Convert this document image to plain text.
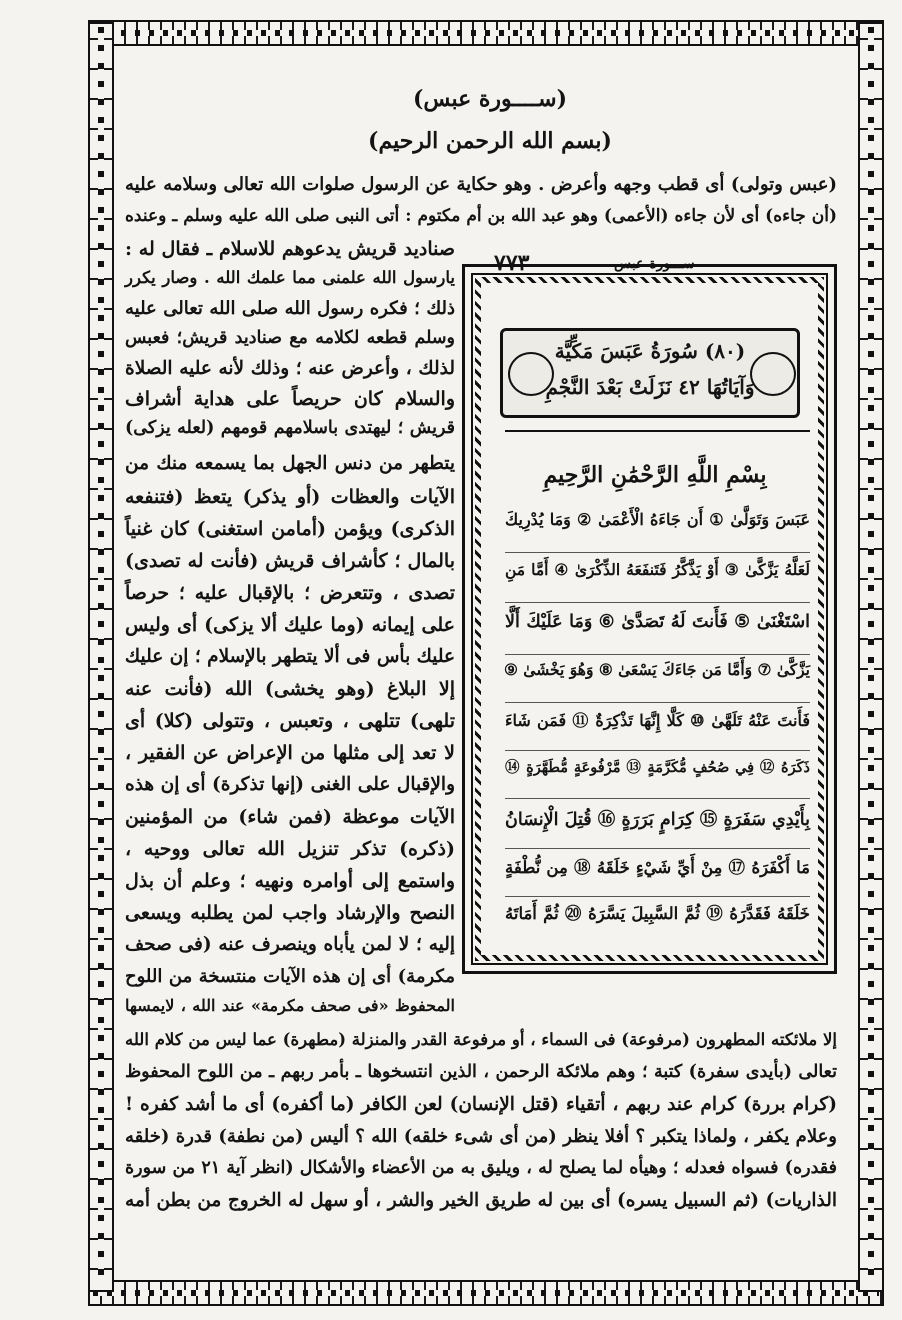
(ســــورة عبس)
(بسم الله الرحمن الرحيم)
(عبس وتولى) أى قطب وجهه وأعرض . وهو حكاية عن الرسول صلوات الله تعالى وسلامه عليه
(أن جاءه) أى لأن جاءه (الأعمى) وهو عبد الله بن أم مكتوم : أتى النبى صلى الله عليه وسلم ـ وعنده
صناديد قريش يدعوهم للاسلام ـ فقال له :
يارسول الله علمنى مما علمك الله . وصار يكرر
ذلك ؛ فكره رسول الله صلى الله تعالى عليه
وسلم قطعه لكلامه مع صناديد قريش؛ فعبس
لذلك ، وأعرض عنه ؛ وذلك لأنه عليه الصلاة
والسلام كان حريصاً على هداية أشراف
قريش ؛ ليهتدى باسلامهم قومهم (لعله يزكى)
يتطهر من دنس الجهل بما يسمعه منك من
الآيات والعظات (أو يذكر) يتعظ (فتنفعه
الذكرى) ويؤمن (أمامن استغنى) كان غنياً
بالمال ؛ كأشراف قريش (فأنت له تصدى)
تصدى ، وتتعرض ؛ بالإقبال عليه ؛ حرصاً
على إيمانه (وما عليك ألا يزكى) أى وليس
عليك بأس فى ألا يتطهر بالإسلام ؛ إن عليك
إلا البلاغ (وهو يخشى) الله (فأنت عنه
تلهى) تتلهى ، وتعبس ، وتتولى (كلا) أى
لا تعد إلى مثلها من الإعراض عن الفقير ،
والإقبال على الغنى (إنها تذكرة) أى إن هذه
الآيات موعظة (فمن شاء) من المؤمنين
(ذكره) تذكر تنزيل الله تعالى ووحيه ،
واستمع إلى أوامره ونهيه ؛ وعلم أن بذل
النصح والإرشاد واجب لمن يطلبه ويسعى
إليه ؛ لا لمن يأباه وينصرف عنه (فى صحف
مكرمة) أى إن هذه الآيات منتسخة من اللوح
المحفوظ «فى صحف مكرمة» عند الله ، لايمسها
٧٧٣	ســـورة عبس
(٨٠) سُورَةُ عَبَسَ مَكِّيَّة
وَآيَاتُهَا ٤٢ نَزَلَتْ بَعْدَ النَّجْمِ
بِسْمِ اللَّهِ الرَّحْمَٰنِ الرَّحِيمِ
عَبَسَ وَتَوَلَّىٰ ① أَن جَاءَهُ الْأَعْمَىٰ ② وَمَا يُدْرِيكَ
لَعَلَّهُ يَزَّكَّىٰ ③ أَوْ يَذَّكَّرُ فَتَنفَعَهُ الذِّكْرَىٰ ④ أَمَّا مَنِ
اسْتَغْنَىٰ ⑤ فَأَنتَ لَهُ تَصَدَّىٰ ⑥ وَمَا عَلَيْكَ أَلَّا
يَزَّكَّىٰ ⑦ وَأَمَّا مَن جَاءَكَ يَسْعَىٰ ⑧ وَهُوَ يَخْشَىٰ ⑨
فَأَنتَ عَنْهُ تَلَهَّىٰ ⑩ كَلَّا إِنَّهَا تَذْكِرَةٌ ⑪ فَمَن شَاءَ
ذَكَرَهُ ⑫ فِي صُحُفٍ مُّكَرَّمَةٍ ⑬ مَّرْفُوعَةٍ مُّطَهَّرَةٍ ⑭
بِأَيْدِي سَفَرَةٍ ⑮ كِرَامٍ بَرَرَةٍ ⑯ قُتِلَ الْإِنسَانُ
مَا أَكْفَرَهُ ⑰ مِنْ أَيِّ شَيْءٍ خَلَقَهُ ⑱ مِن نُّطْفَةٍ
خَلَقَهُ فَقَدَّرَهُ ⑲ ثُمَّ السَّبِيلَ يَسَّرَهُ ⑳ ثُمَّ أَمَاتَهُ
إلا ملائكته المطهرون (مرفوعة) فى السماء ، أو مرفوعة القدر والمنزلة (مطهرة) عما ليس من كلام الله
تعالى (بأيدى سفرة) كتبة ؛ وهم ملائكة الرحمن ، الذين انتسخوها ـ بأمر ربهم ـ من اللوح المحفوظ
(كرام بررة) كرام عند ربهم ، أتقياء (قتل الإنسان) لعن الكافر (ما أكفره) أى ما أشد كفره !
وعلام يكفر ، ولماذا يتكبر ؟ أفلا ينظر (من أى شىء خلقه) الله ؟ أليس (من نطفة) قدرة (خلقه
فقدره) فسواه فعدله ؛ وهيأه لما يصلح له ، ويليق به من الأعضاء والأشكال (انظر آية ٢١ من سورة
الذاريات) (ثم السبيل يسره) أى بين له طريق الخير والشر ، أو سهل له الخروج من بطن أمه
